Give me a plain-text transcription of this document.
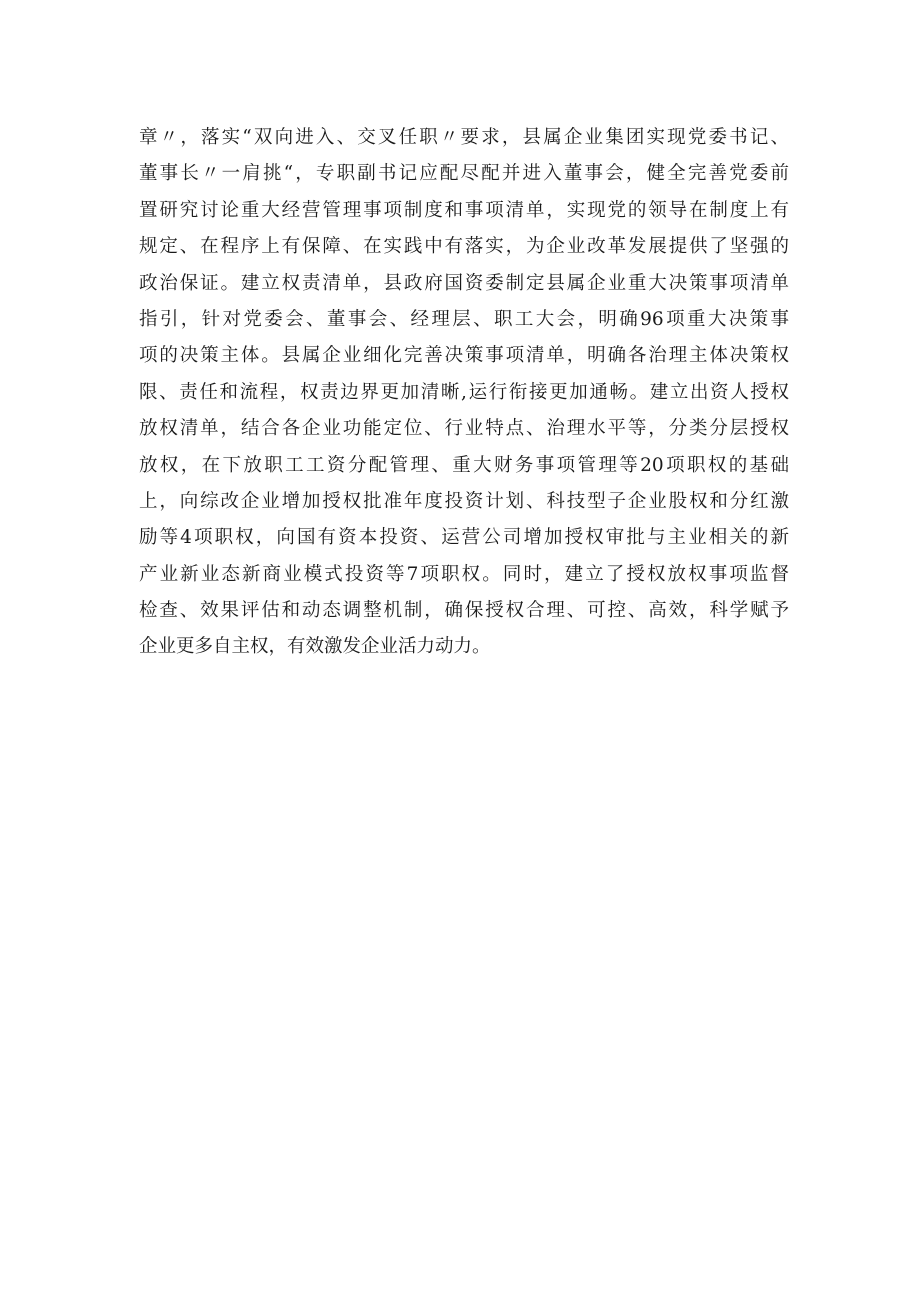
章〃，落实“双向进入、交叉任职〃要求，县属企业集团实现党委书记、
董事长〃一肩挑“，专职副书记应配尽配并进入董事会，健全完善党委前
置研究讨论重大经营管理事项制度和事项清单，实现党的领导在制度上有
规定、在程序上有保障、在实践中有落实，为企业改革发展提供了坚强的
政治保证。建立权责清单，县政府国资委制定县属企业重大决策事项清单
指引，针对党委会、董事会、经理层、职工大会，明确96项重大决策事
项的决策主体。县属企业细化完善决策事项清单，明确各治理主体决策权
限、责任和流程，权责边界更加清晰,运行衔接更加通畅。建立出资人授权
放权清单，结合各企业功能定位、行业特点、治理水平等，分类分层授权
放权，在下放职工工资分配管理、重大财务事项管理等20项职权的基础
上，向综改企业增加授权批准年度投资计划、科技型子企业股权和分红激
励等4项职权，向国有资本投资、运营公司增加授权审批与主业相关的新
产业新业态新商业模式投资等7项职权。同时，建立了授权放权事项监督
检查、效果评估和动态调整机制，确保授权合理、可控、高效，科学赋予
企业更多自主权，有效激发企业活力动力。
